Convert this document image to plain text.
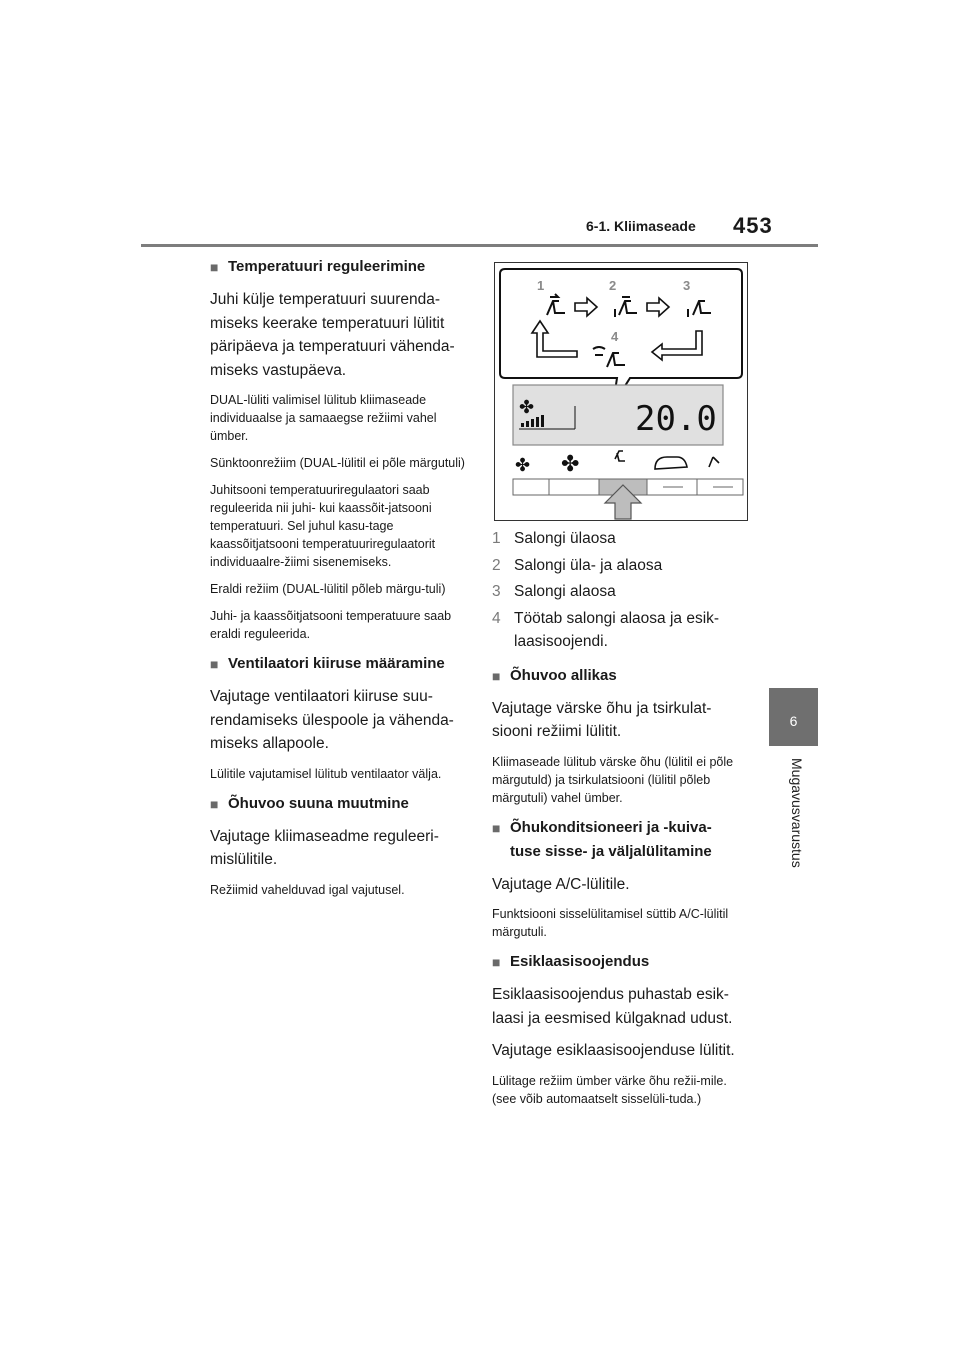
6-1. Kliimaseade 453
6
Mugavusvarustus
■ Temperatuuri reguleerimine

Juhi külje temperatuuri suurenda-miseks keerake temperatuuri lülitit päripäeva ja temperatuuri vähenda-miseks vastupäeva.

DUAL-lüliti valimisel lülitub kliimaseade individuaalse ja samaaegse režiimi vahel ümber.

Sünktoonrežiim (DUAL-lülitil ei põle märgutuli)

Juhitsooni temperatuuriregulaatori saab reguleerida nii juhi- kui kaassõit-jatsooni temperatuuri. Sel juhul kasu-tage kaassõitjatsooni temperatuuriregulaatorit individuaalre-žiimi sisenemiseks.

Eraldi režiim (DUAL-lülitil põleb märgu-tuli)

Juhi- ja kaassõitjatsooni temperatuure saab eraldi reguleerida.

■ Ventilaatori kiiruse määramine

Vajutage ventilaatori kiiruse suu-rendamiseks ülespoole ja vähenda-miseks allapoole.

Lülitile vajutamisel lülitub ventilaator välja.

■ Õhuvoo suuna muutmine

Vajutage kliimaseadme reguleeri-mislülitile.

Režiimid vahelduvad igal vajutusel.

1	2	3
4
✤	20.0
✤ ✤
1 Salongi ülaosa
2 Salongi üla- ja alaosa
3 Salongi alaosa
4 Töötab salongi alaosa ja esik-laasisoojendi.
■ Õhuvoo allikas

Vajutage värske õhu ja tsirkulat-siooni režiimi lülitit.

Kliimaseade lülitub värske õhu (lülitil ei põle märgutuld) ja tsirkulatsiooni (lülitil põleb märgutuli) vahel ümber.

■ Õhukonditsioneeri ja -kuiva-
tuse sisse- ja väljalülitamine

Vajutage A/C-lülitile.

Funktsiooni sisselülitamisel süttib A/C-lülitil märgutuli.

■ Esiklaasisoojendus

Esiklaasisoojendus puhastab esik-laasi ja eesmised külgaknad udust.

Vajutage esiklaasisoojenduse lülitit.

Lülitage režiim ümber värke õhu režii-mile. (see võib automaatselt sisselüli-tuda.)
